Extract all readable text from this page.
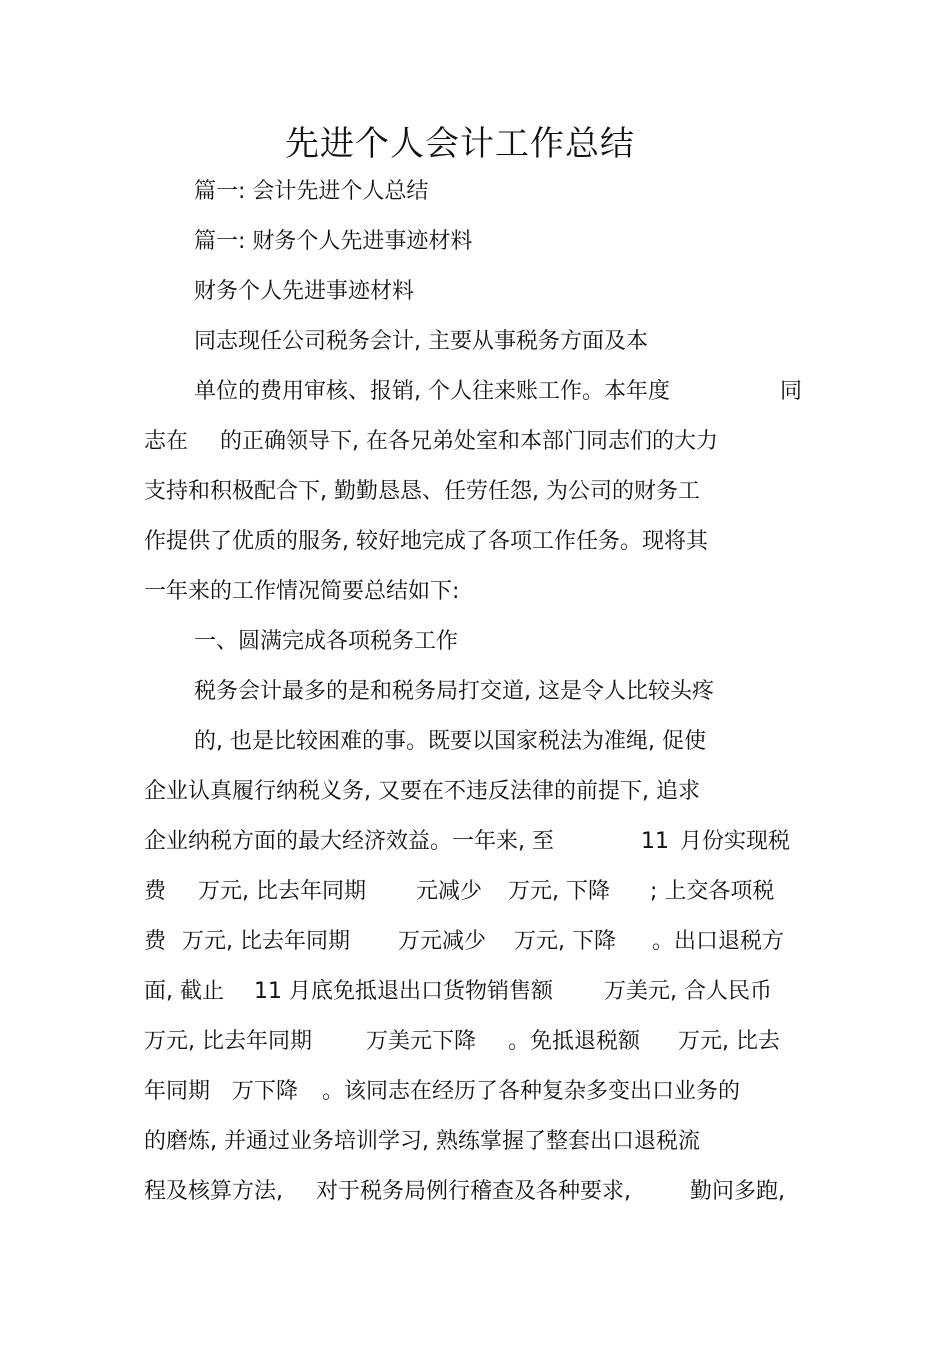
先进个人会计工作总结
篇一: 会计先进个人总结
篇一: 财务个人先进事迹材料
财务个人先进事迹材料
同志现任公司税务会计, 主要从事税务方面及本
单位的费用审核、报销, 个人往来账工作。本年度	同
志在 的正确领导下, 在各兄弟处室和本部门同志们的大力
支持和积极配合下, 勤勤恳恳、任劳任怨, 为公司的财务工
作提供了优质的服务, 较好地完成了各项工作任务。现将其
一年来的工作情况简要总结如下:
一、圆满完成各项税务工作
税务会计最多的是和税务局打交道, 这是令人比较头疼
的, 也是比较困难的事。既要以国家税法为准绳, 促使
企业认真履行纳税义务, 又要在不违反法律的前提下, 追求
企业纳税方面的最大经济效益。一年来, 至	11 月份实现税
费 万元, 比去年同期 元减少 万元, 下降 ; 上交各项税
费 万元, 比去年同期 万元减少 万元, 下降 。出口退税方
面, 截止 11 月底免抵退出口货物销售额 万美元, 合人民币
万元, 比去年同期 万美元下降 。免抵退税额 万元, 比去
年同期 万下降 。该同志在经历了各种复杂多变出口业务的
的磨炼, 并通过业务培训学习, 熟练掌握了整套出口退税流
程及核算方法, 对于税务局例行稽查及各种要求,	勤问多跑,
